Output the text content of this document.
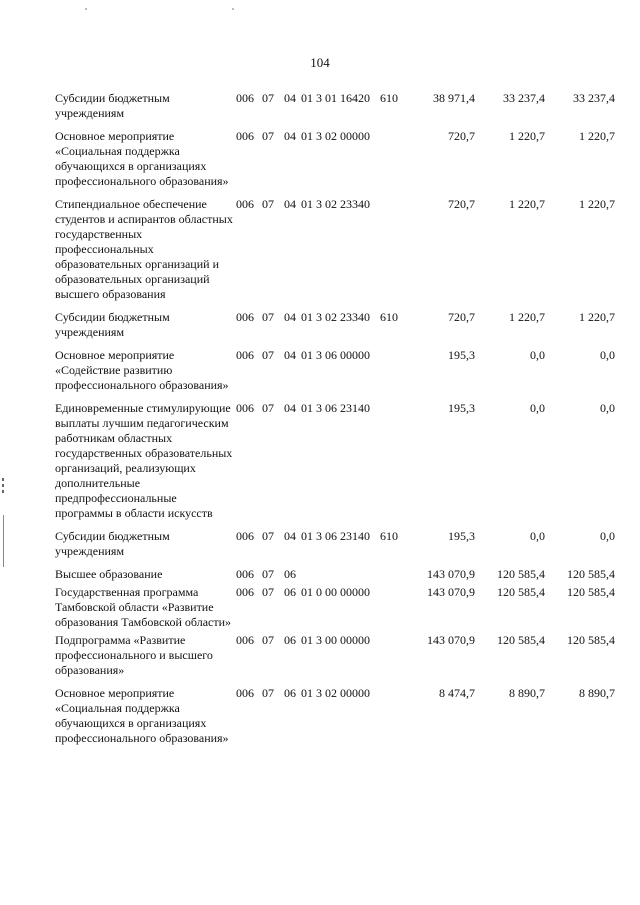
104
Субсидии бюджетным учреждениям
006 07 04 01 3 01 16420 610	38 971,4	33 237,4	33 237,4
Основное мероприятие «Социальная поддержка обучающихся в организациях профессионального образования»
006 07 04 01 3 02 00000	720,7	1 220,7	1 220,7
Стипендиальное обеспечение студентов и аспирантов областных государственных профессиональных образовательных организаций и образовательных организаций высшего образования
006 07 04 01 3 02 23340	720,7	1 220,7	1 220,7
Субсидии бюджетным учреждениям
006 07 04 01 3 02 23340 610	720,7	1 220,7	1 220,7
Основное мероприятие «Содействие развитию профессионального образования»
006 07 04 01 3 06 00000	195,3	0,0	0,0
Единовременные стимулирующие выплаты лучшим педагогическим работникам областных государственных образовательных организаций, реализующих дополнительные предпрофессиональные программы в области искусств
006 07 04 01 3 06 23140	195,3	0,0	0,0
Субсидии бюджетным учреждениям
006 07 04 01 3 06 23140 610	195,3	0,0	0,0
Высшее образование	006 07 06	143 070,9	120 585,4	120 585,4
Государственная программа Тамбовской области «Развитие образования Тамбовской области»
006 07 06 01 0 00 00000	143 070,9	120 585,4	120 585,4
Подпрограмма «Развитие профессионального и высшего образования»
006 07 06 01 3 00 00000	143 070,9	120 585,4	120 585,4
Основное мероприятие «Социальная поддержка обучающихся в организациях профессионального образования»
006 07 06 01 3 02 00000	8 474,7	8 890,7	8 890,7
